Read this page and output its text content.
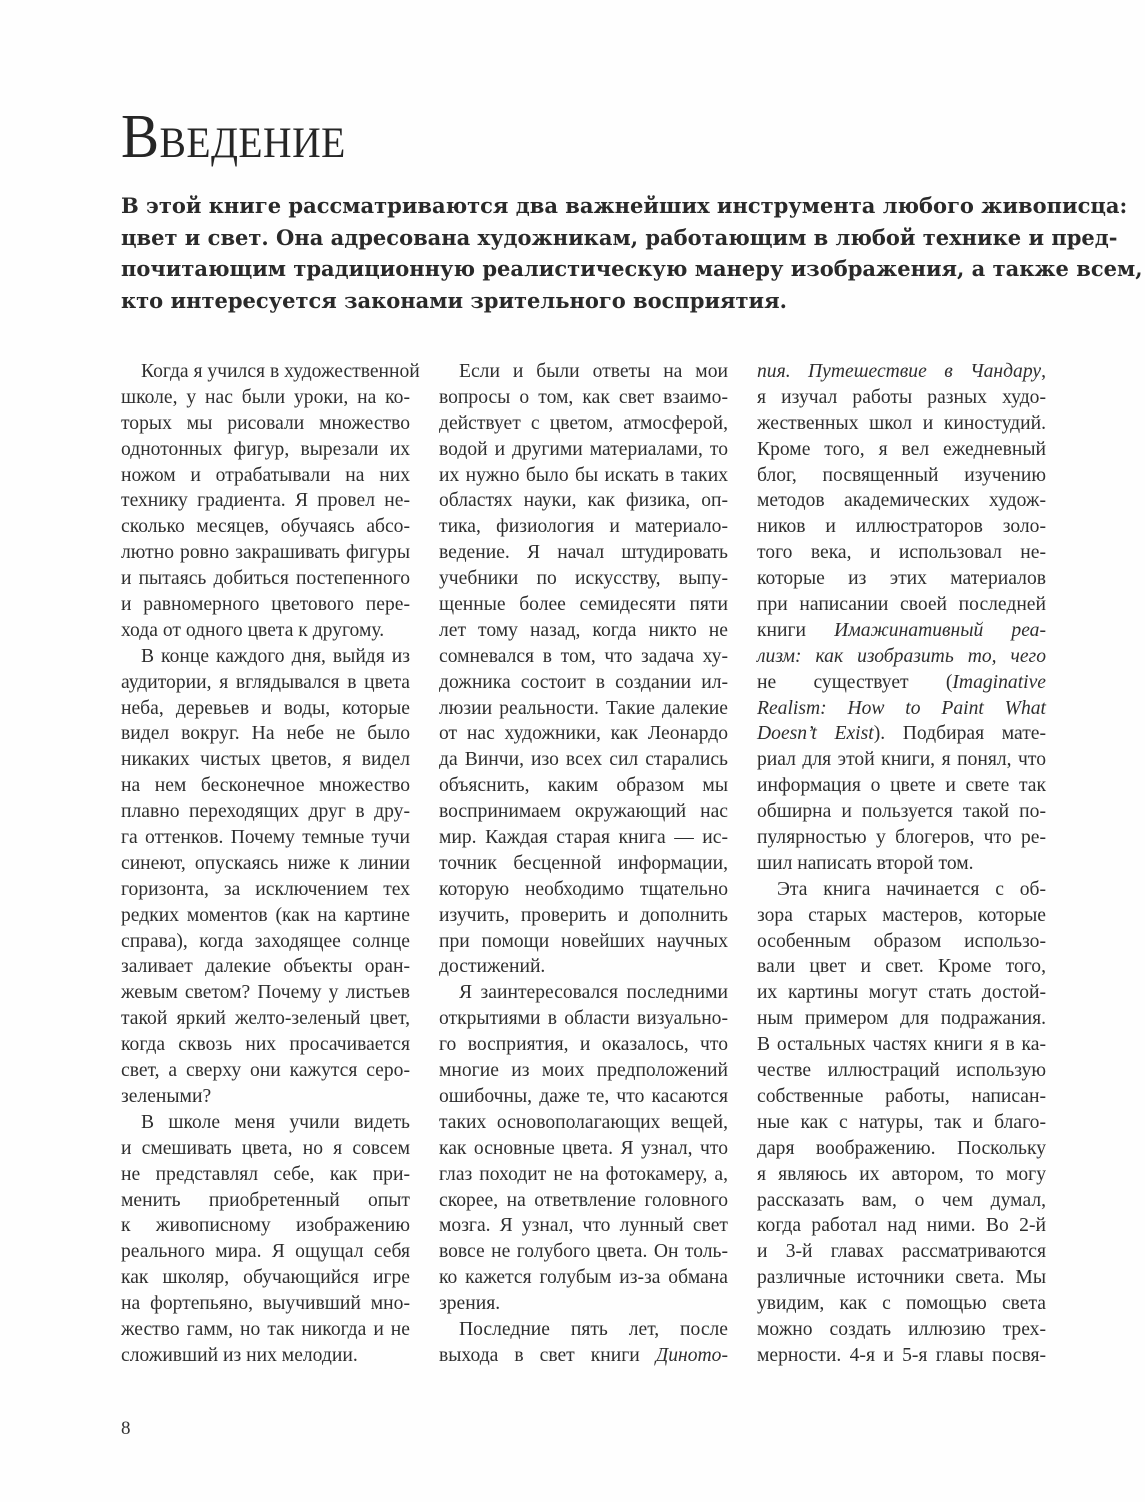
Введение
В этой книге рассматриваются два важнейших инструмента любого живописца:
цвет и свет. Она адресована художникам, работающим в любой технике и пред-
почитающим традиционную реалистическую манеру изображения, а также всем,
кто интересуется законами зрительного восприятия.
Когда я учился в художественной
школе, у нас были уроки, на ко-
торых мы рисовали множество
однотонных фигур, вырезали их
ножом и отрабатывали на них
технику градиента. Я провел не-
сколько месяцев, обучаясь абсо-
лютно ровно закрашивать фигуры
и пытаясь добиться постепенного
и равномерного цветового пере-
хода от одного цвета к другому.
В конце каждого дня, выйдя из
аудитории, я вглядывался в цвета
неба, деревьев и воды, которые
видел вокруг. На небе не было
никаких чистых цветов, я видел
на нем бесконечное множество
плавно переходящих друг в дру-
га оттенков. Почему темные тучи
синеют, опускаясь ниже к линии
горизонта, за исключением тех
редких моментов (как на картине
справа), когда заходящее солнце
заливает далекие объекты оран-
жевым светом? Почему у листьев
такой яркий желто-зеленый цвет,
когда сквозь них просачивается
свет, а сверху они кажутся серо-
зелеными?
В школе меня учили видеть
и смешивать цвета, но я совсем
не представлял себе, как при-
менить приобретенный опыт
к живописному изображению
реального мира. Я ощущал себя
как школяр, обучающийся игре
на фортепьяно, выучивший мно-
жество гамм, но так никогда и не
сложивший из них мелодии.
Если и были ответы на мои
вопросы о том, как свет взаимо-
действует с цветом, атмосферой,
водой и другими материалами, то
их нужно было бы искать в таких
областях науки, как физика, оп-
тика, физиология и материало-
ведение. Я начал штудировать
учебники по искусству, выпу-
щенные более семидесяти пяти
лет тому назад, когда никто не
сомневался в том, что задача ху-
дожника состоит в создании ил-
люзии реальности. Такие далекие
от нас художники, как Леонардо
да Винчи, изо всех сил старались
объяснить, каким образом мы
воспринимаем окружающий нас
мир. Каждая старая книга — ис-
точник бесценной информации,
которую необходимо тщательно
изучить, проверить и дополнить
при помощи новейших научных
достижений.
Я заинтересовался последними
открытиями в области визуально-
го восприятия, и оказалось, что
многие из моих предположений
ошибочны, даже те, что касаются
таких основополагающих вещей,
как основные цвета. Я узнал, что
глаз походит не на фотокамеру, а,
скорее, на ответвление головного
мозга. Я узнал, что лунный свет
вовсе не голубого цвета. Он толь-
ко кажется голубым из-за обмана
зрения.
Последние пять лет, после
выхода в свет книги Диното-
пия. Путешествие в Чандару,
я изучал работы разных худо-
жественных школ и киностудий.
Кроме того, я вел ежедневный
блог, посвященный изучению
методов академических худож-
ников и иллюстраторов золо-
того века, и использовал не-
которые из этих материалов
при написании своей последней
книги Имажинативный реа-
лизм: как изобразить то, чего
не существует (Imaginative
Realism: How to Paint What
Doesn’t Exist). Подбирая мате-
риал для этой книги, я понял, что
информация о цвете и свете так
обширна и пользуется такой по-
пулярностью у блогеров, что ре-
шил написать второй том.
Эта книга начинается с об-
зора старых мастеров, которые
особенным образом использо-
вали цвет и свет. Кроме того,
их картины могут стать достой-
ным примером для подражания.
В остальных частях книги я в ка-
честве иллюстраций использую
собственные работы, написан-
ные как с натуры, так и благо-
даря воображению. Поскольку
я являюсь их автором, то могу
рассказать вам, о чем думал,
когда работал над ними. Во 2-й
и 3-й главах рассматриваются
различные источники света. Мы
увидим, как с помощью света
можно создать иллюзию трех-
мерности. 4-я и 5-я главы посвя-
8
